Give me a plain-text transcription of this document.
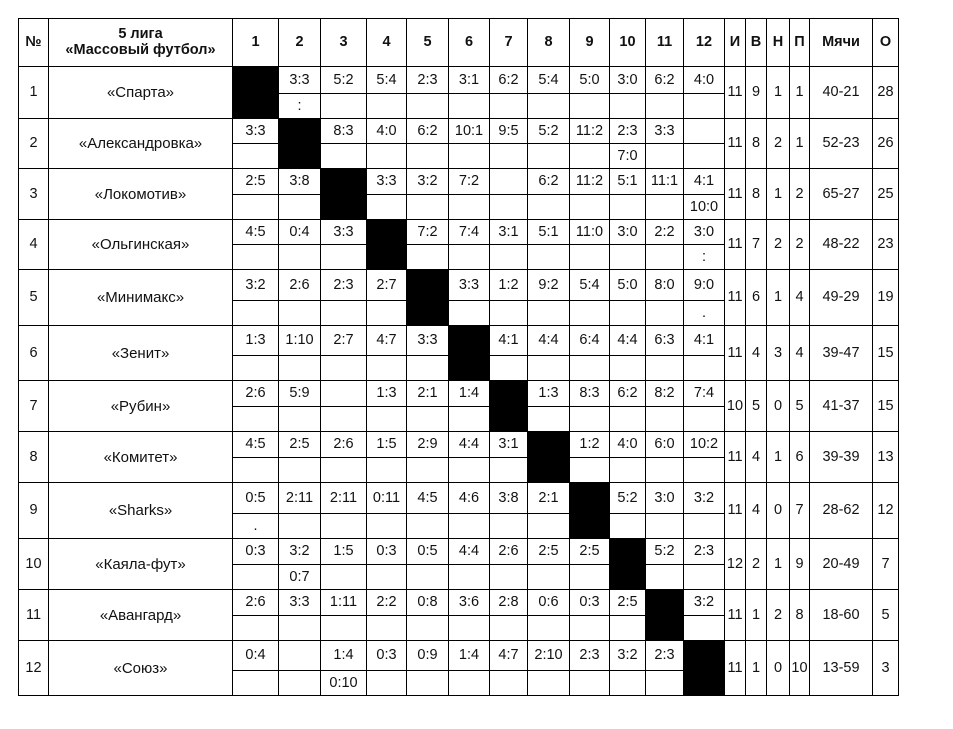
№	5 лига
«Массовый футбол»	1	2	3	4	5	6	7	8	9	10	11	12	И	В	Н	П	Мячи	О
1	«Спарта»		3:3	5:2	5:4	2:3	3:1	6:2	5:4	5:0	3:0	6:2	4:0	11	9	1	1	40-21	28
			:																
2	«Александровка»	3:3		8:3	4:0	6:2	10:1	9:5	5:2	11:2	2:3	3:3		11	8	2	1	52-23	26
											7:0								
3	«Локомотив»	2:5	3:8		3:3	3:2	7:2		6:2	11:2	5:1	11:1	4:1	11	8	1	2	65-27	25
													10:0						
4	«Ольгинская»	4:5	0:4	3:3		7:2	7:4	3:1	5:1	11:0	3:0	2:2	3:0	11	7	2	2	48-22	23
													:						
5	«Минимакс»	3:2	2:6	2:3	2:7		3:3	1:2	9:2	5:4	5:0	8:0	9:0	11	6	1	4	49-29	19
													.						
6	«Зенит»	1:3	1:10	2:7	4:7	3:3		4:1	4:4	6:4	4:4	6:3	4:1	11	4	3	4	39-47	15

7	«Рубин»	2:6	5:9		1:3	2:1	1:4		1:3	8:3	6:2	8:2	7:4	10	5	0	5	41-37	15

8	«Комитет»	4:5	2:5	2:6	1:5	2:9	4:4	3:1		1:2	4:0	6:0	10:2	11	4	1	6	39-39	13

9	«Sharks»	0:5	2:11	2:11	0:11	4:5	4:6	3:8	2:1		5:2	3:0	3:2	11	4	0	7	28-62	12
		.																	
10	«Каяла-фут»	0:3	3:2	1:5	0:3	0:5	4:4	2:6	2:5	2:5		5:2	2:3	12	2	1	9	20-49	7
			0:7																
11	«Авангард»	2:6	3:3	1:11	2:2	0:8	3:6	2:8	0:6	0:3	2:5		3:2	11	1	2	8	18-60	5

12	«Союз»	0:4		1:4	0:3	0:9	1:4	4:7	2:10	2:3	3:2	2:3		11	1	0	10	13-59	3
				0:10															
